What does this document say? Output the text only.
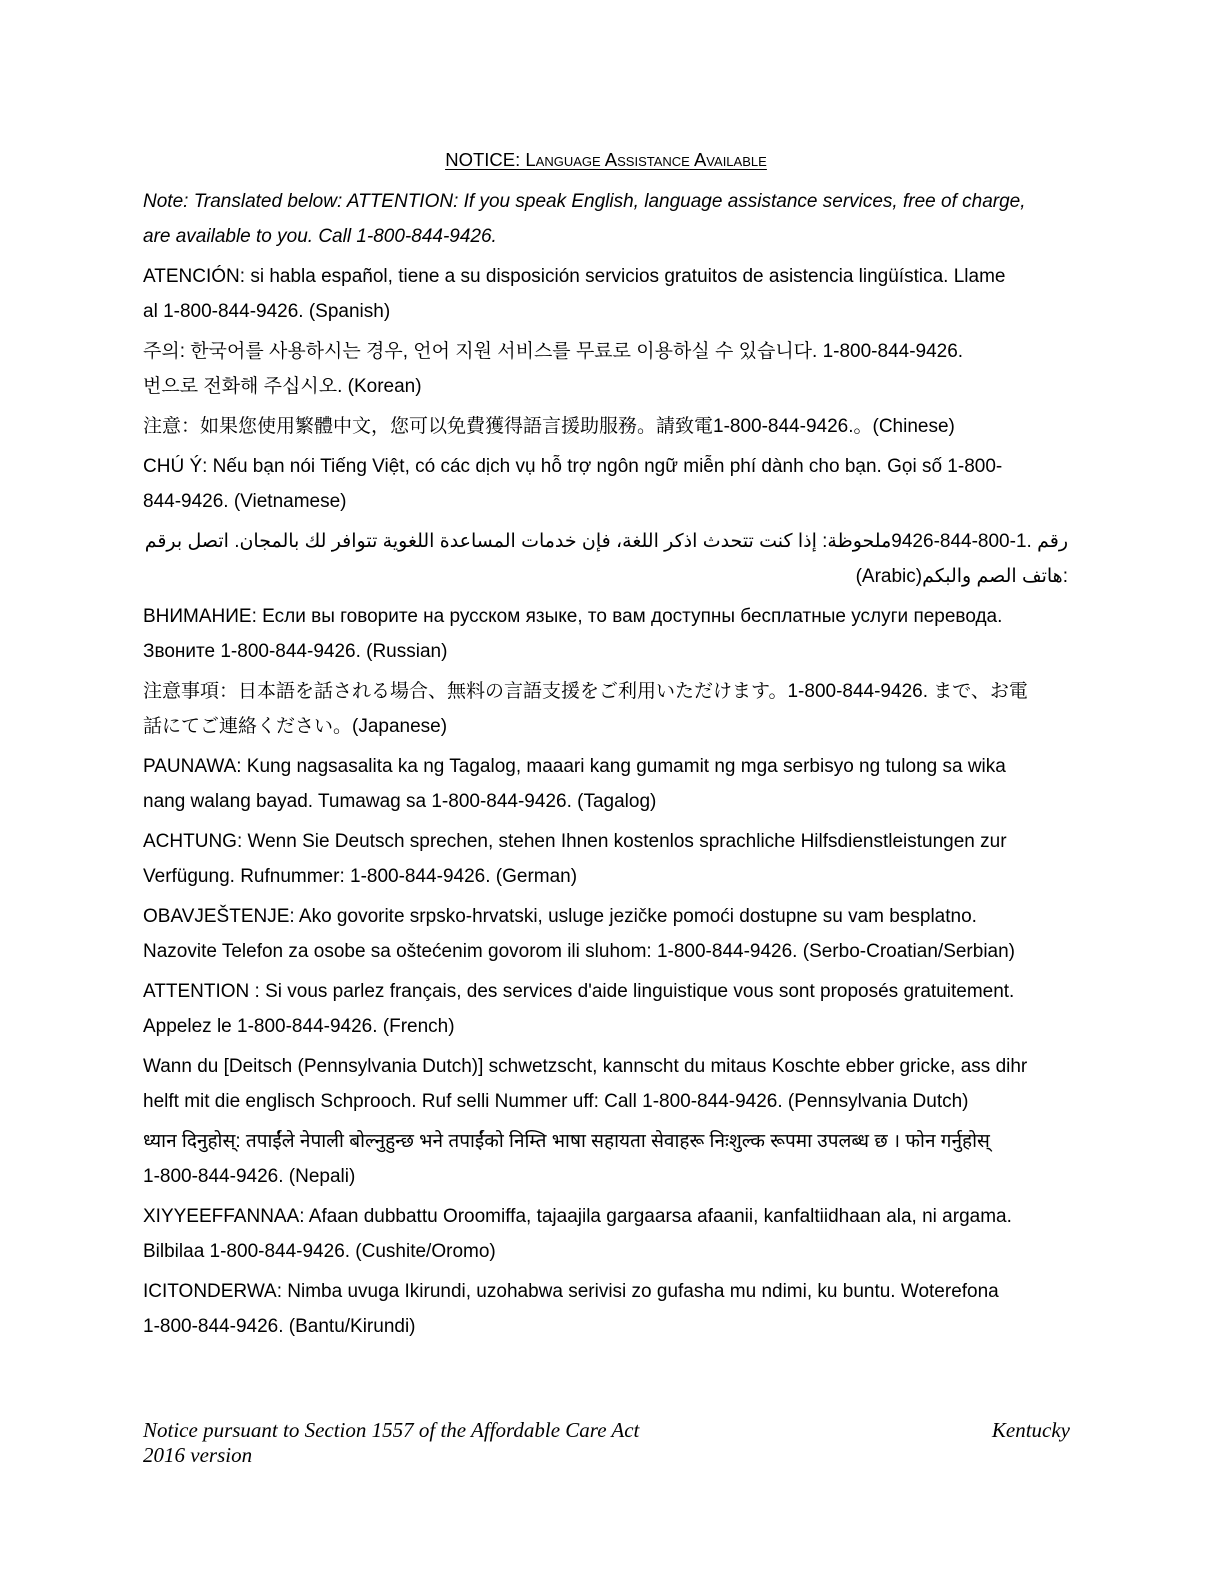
NOTICE: Language Assistance Available

Note: Translated below: ATTENTION: If you speak English, language assistance services, free of charge,
are available to you. Call 1-800-844-9426.

ATENCIÓN: si habla español, tiene a su disposición servicios gratuitos de asistencia lingüística. Llame
al 1-800-844-9426. (Spanish)

주의: 한국어를 사용하시는 경우, 언어 지원 서비스를 무료로 이용하실 수 있습니다. 1-800-844-9426.
번으로 전화해 주십시오. (Korean)

注意：如果您使用繁體中文，您可以免費獲得語言援助服務。請致電1-800-844-9426.。(Chinese)

CHÚ Ý: Nếu bạn nói Tiếng Việt, có các dịch vụ hỗ trợ ngôn ngữ miễn phí dành cho bạn. Gọi số 1-800-
844-9426. (Vietnamese)

رقم .1-800-844-9426ملحوظة: إذا كنت تتحدث اذكر اللغة، فإن خدمات المساعدة اللغوية تتوافر لك بالمجان. اتصل برقم
(Arabic)هاتف الصم والبكم:

ВНИМАНИЕ: Если вы говорите на русском языке, то вам доступны бесплатные услуги перевода.
Звоните 1-800-844-9426. (Russian)

注意事項：日本語を話される場合、無料の言語支援をご利用いただけます。1-800-844-9426. まで、お電
話にてご連絡ください。(Japanese)

PAUNAWA: Kung nagsasalita ka ng Tagalog, maaari kang gumamit ng mga serbisyo ng tulong sa wika
nang walang bayad. Tumawag sa 1-800-844-9426. (Tagalog)

ACHTUNG: Wenn Sie Deutsch sprechen, stehen Ihnen kostenlos sprachliche Hilfsdienstleistungen zur
Verfügung. Rufnummer: 1-800-844-9426. (German)

OBAVJEŠTENJE: Ako govorite srpsko-hrvatski, usluge jezičke pomoći dostupne su vam besplatno.
Nazovite Telefon za osobe sa oštećenim govorom ili sluhom: 1-800-844-9426. (Serbo-Croatian/Serbian)

ATTENTION : Si vous parlez français, des services d'aide linguistique vous sont proposés gratuitement.
Appelez le 1-800-844-9426. (French)

Wann du [Deitsch (Pennsylvania Dutch)] schwetzscht, kannscht du mitaus Koschte ebber gricke, ass dihr
helft mit die englisch Schprooch. Ruf selli Nummer uff: Call 1-800-844-9426. (Pennsylvania Dutch)

ध्यान दिनुहोस्: तपाईंले नेपाली बोल्नुहुन्छ भने तपाईंको निम्ति भाषा सहायता सेवाहरू निःशुल्क रूपमा उपलब्ध छ । फोन गर्नुहोस्
1-800-844-9426. (Nepali)

XIYYEEFFANNAA: Afaan dubbattu Oroomiffa, tajaajila gargaarsa afaanii, kanfaltiidhaan ala, ni argama.
Bilbilaa 1-800-844-9426. (Cushite/Oromo)

ICITONDERWA: Nimba uvuga Ikirundi, uzohabwa serivisi zo gufasha mu ndimi, ku buntu. Woterefona
1-800-844-9426. (Bantu/Kirundi)

Notice pursuant to Section 1557 of the Affordable Care Act
2016 version
Kentucky
